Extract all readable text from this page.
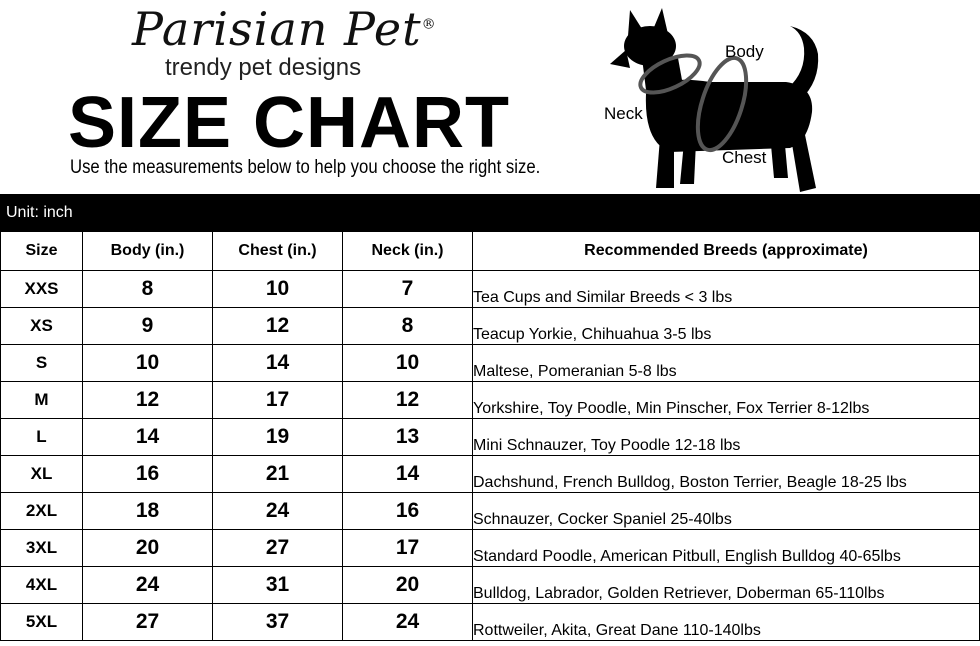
Parisian Pet®
trendy pet designs
SIZE CHART
Use the measurements below to help you choose the right size.
Body
Neck
Chest
Unit: inch
Size	Body (in.)	Chest (in.)	Neck (in.)	Recommended Breeds (approximate)
XXS	8	10	7	Tea Cups and Similar Breeds < 3 lbs
XS	9	12	8	Teacup Yorkie, Chihuahua 3-5 lbs
S	10	14	10	Maltese, Pomeranian 5-8 lbs
M	12	17	12	Yorkshire, Toy Poodle, Min Pinscher, Fox Terrier 8-12lbs
L	14	19	13	Mini Schnauzer, Toy Poodle 12-18 lbs
XL	16	21	14	Dachshund, French Bulldog, Boston Terrier, Beagle 18-25 lbs
2XL	18	24	16	Schnauzer, Cocker Spaniel 25-40lbs
3XL	20	27	17	Standard Poodle, American Pitbull, English Bulldog 40-65lbs
4XL	24	31	20	Bulldog, Labrador, Golden Retriever, Doberman 65-110lbs
5XL	27	37	24	Rottweiler, Akita, Great Dane 110-140lbs
